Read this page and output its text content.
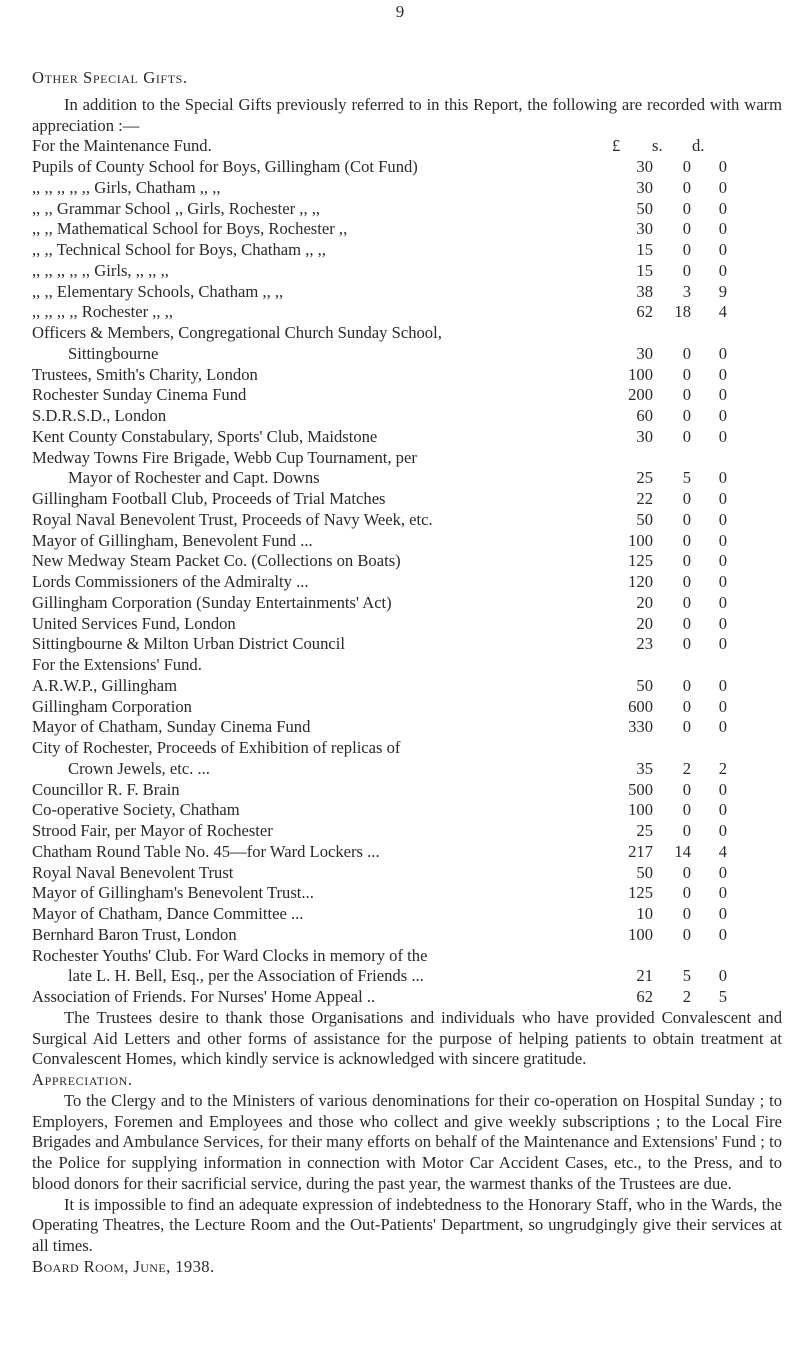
9
Other Special Gifts.
In addition to the Special Gifts previously referred to in this Report, the following are recorded with warm appreciation :—
For the Maintenance Fund.	£ s. d.
Pupils of County School for Boys, Gillingham (Cot Fund)	30	0	0
,, ,, ,, ,, ,, Girls, Chatham ,, ,,	30	0	0
,, ,, Grammar School ,, Girls, Rochester ,, ,,	50	0	0
,, ,, Mathematical School for Boys, Rochester ,,	30	0	0
,, ,, Technical School for Boys, Chatham ,, ,,	15	0	0
,, ,, ,, ,, ,, Girls, ,, ,, ,,	15	0	0
,, ,, Elementary Schools, Chatham ,, ,,	38	3	9
,, ,, ,, ,, Rochester ,, ,,	62	18	4
Officers & Members, Congregational Church Sunday School,
Sittingbourne	30	0	0
Trustees, Smith's Charity, London	100	0	0
Rochester Sunday Cinema Fund	200	0	0
S.D.R.S.D., London	60	0	0
Kent County Constabulary, Sports' Club, Maidstone	30	0	0
Medway Towns Fire Brigade, Webb Cup Tournament, per
Mayor of Rochester and Capt. Downs	25	5	0
Gillingham Football Club, Proceeds of Trial Matches	22	0	0
Royal Naval Benevolent Trust, Proceeds of Navy Week, etc.	50	0	0
Mayor of Gillingham, Benevolent Fund ...	100	0	0
New Medway Steam Packet Co. (Collections on Boats)	125	0	0
Lords Commissioners of the Admiralty ...	120	0	0
Gillingham Corporation (Sunday Entertainments' Act)	20	0	0
United Services Fund, London	20	0	0
Sittingbourne & Milton Urban District Council	23	0	0
For the Extensions' Fund.
A.R.W.P., Gillingham	50	0	0
Gillingham Corporation	600	0	0
Mayor of Chatham, Sunday Cinema Fund	330	0	0
City of Rochester, Proceeds of Exhibition of replicas of
Crown Jewels, etc. ...	35	2	2
Councillor R. F. Brain	500	0	0
Co-operative Society, Chatham	100	0	0
Strood Fair, per Mayor of Rochester	25	0	0
Chatham Round Table No. 45—for Ward Lockers ...	217	14	4
Royal Naval Benevolent Trust	50	0	0
Mayor of Gillingham's Benevolent Trust...	125	0	0
Mayor of Chatham, Dance Committee ...	10	0	0
Bernhard Baron Trust, London	100	0	0
Rochester Youths' Club. For Ward Clocks in memory of the
late L. H. Bell, Esq., per the Association of Friends ...	21	5	0
Association of Friends. For Nurses' Home Appeal ..	62	2	5

The Trustees desire to thank those Organisations and individuals who have provided Convalescent and Surgical Aid Letters and other forms of assistance for the purpose of helping patients to obtain treatment at Convalescent Homes, which kindly service is acknowledged with sincere gratitude.

Appreciation.

To the Clergy and to the Ministers of various denominations for their co-operation on Hospital Sunday ; to Employers, Foremen and Employees and those who collect and give weekly subscriptions ; to the Local Fire Brigades and Ambulance Services, for their many efforts on behalf of the Maintenance and Extensions' Fund ; to the Police for supplying information in connection with Motor Car Accident Cases, etc., to the Press, and to blood donors for their sacrificial service, during the past year, the warmest thanks of the Trustees are due.

It is impossible to find an adequate expression of indebtedness to the Honorary Staff, who in the Wards, the Operating Theatres, the Lecture Room and the Out-Patients' Department, so ungrudgingly give their services at all times.

Board Room, June, 1938.
